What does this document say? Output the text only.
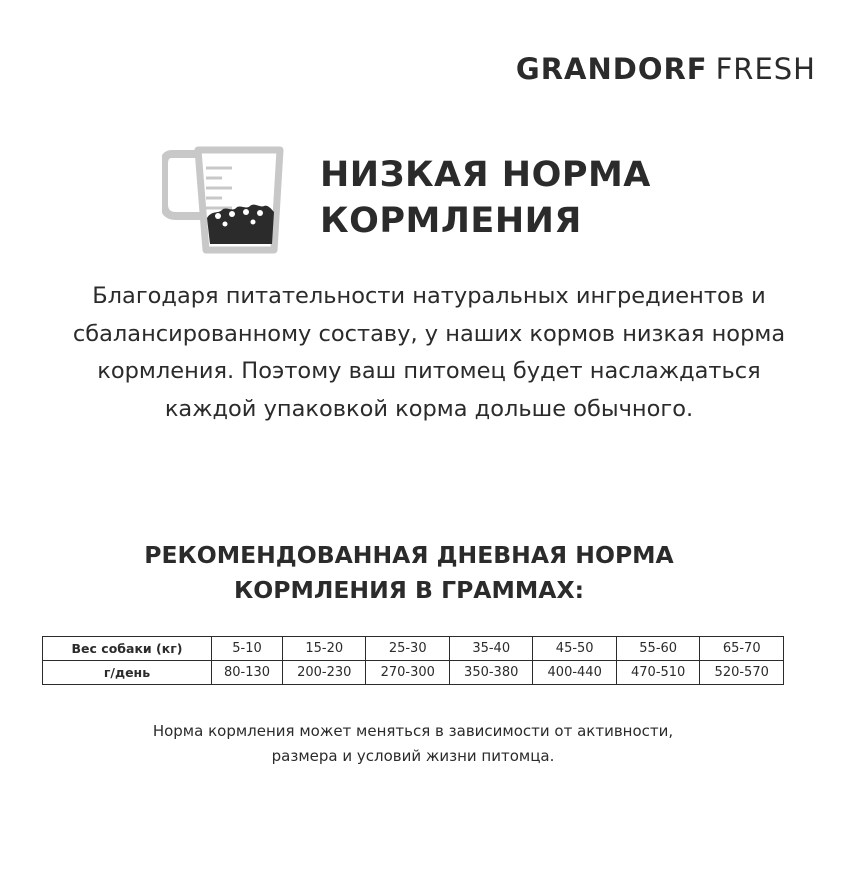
GRANDORF FRESH
НИЗКАЯ НОРМА
КОРМЛЕНИЯ
Благодаря питательности натуральных ингредиентов и
сбалансированному составу, у наших кормов низкая норма
кормления. Поэтому ваш питомец будет наслаждаться
каждой упаковкой корма дольше обычного.
РЕКОМЕНДОВАННАЯ ДНЕВНАЯ НОРМА
КОРМЛЕНИЯ В ГРАММАХ:
Вес собаки (кг)	5-10	15-20	25-30	35-40	45-50	55-60	65-70
г/день	80-130	200-230	270-300	350-380	400-440	470-510	520-570
Норма кормления может меняться в зависимости от активности,
размера и условий жизни питомца.
